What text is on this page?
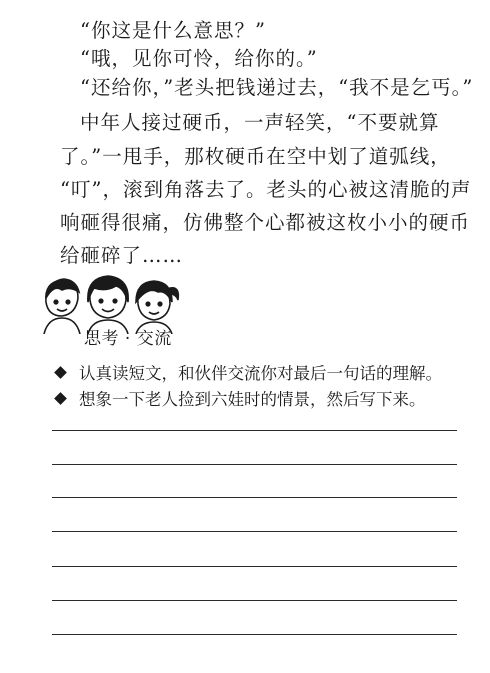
“你这是什么意思？”
“哦，见你可怜，给你的。”
“还给你，”老头把钱递过去，“我不是乞丐。”
中年人接过硬币，一声轻笑，“不要就算
了。”一甩手，那枚硬币在空中划了道弧线，
“叮”，滚到角落去了。老头的心被这清脆的声
响砸得很痛，仿佛整个心都被这枚小小的硬币
给砸碎了……
思考 · 交流
认真读短文，和伙伴交流你对最后一句话的理解。
想象一下老人捡到六娃时的情景，然后写下来。
